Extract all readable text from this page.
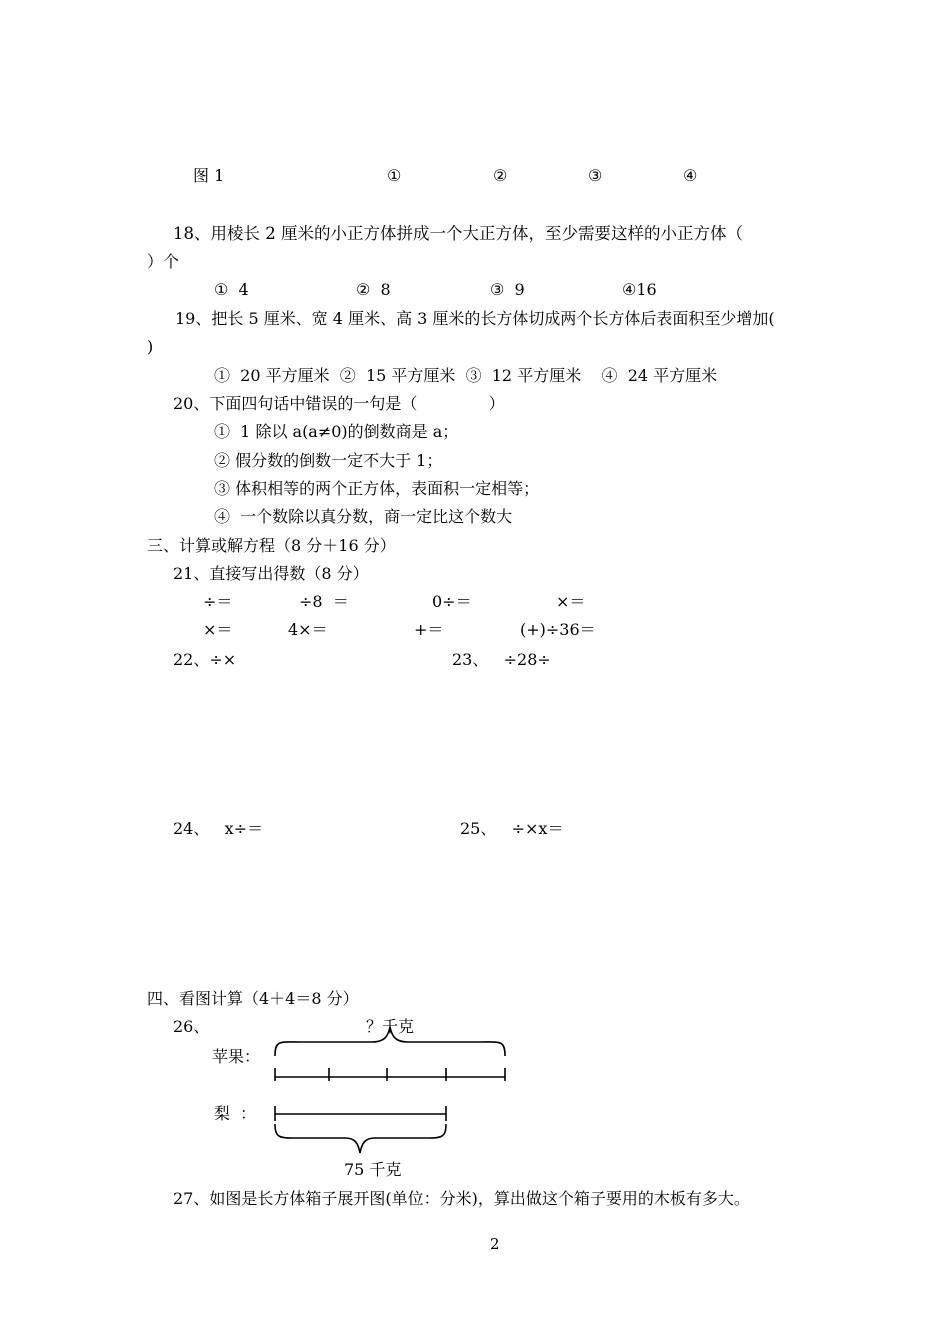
图 1	①	②	③	④
18、用棱长 2 厘米的小正方体拼成一个大正方体，至少需要这样的小正方体（
）个
①  4	②  8	③  9	④16
19、把长 5 厘米、宽 4 厘米、高 3 厘米的长方体切成两个长方体后表面积至少增加(
)
①  20 平方厘米  ②  15 平方厘米  ③  12 平方厘米    ④  24 平方厘米
20、下面四句话中错误的一句是（              ）
①  1 除以 a(a≠0)的倒数商是 a；
② 假分数的倒数一定不大于 1；
③ 体积相等的两个正方体，表面积一定相等；
④  一个数除以真分数，商一定比这个数大
三、计算或解方程（8 分＋16 分）
21、直接写出得数（8 分）
÷＝	÷8  ＝	0÷＝	×＝
×＝	4×＝	+＝	(+)÷36＝
22、÷×	23、   ÷28÷
24、   x÷＝	25、   ÷×x＝
四、看图计算（4＋4＝8 分）
26、	？千克
苹果：
梨  ：
75 千克
27、如图是长方体箱子展开图(单位：分米)，算出做这个箱子要用的木板有多大。
2
